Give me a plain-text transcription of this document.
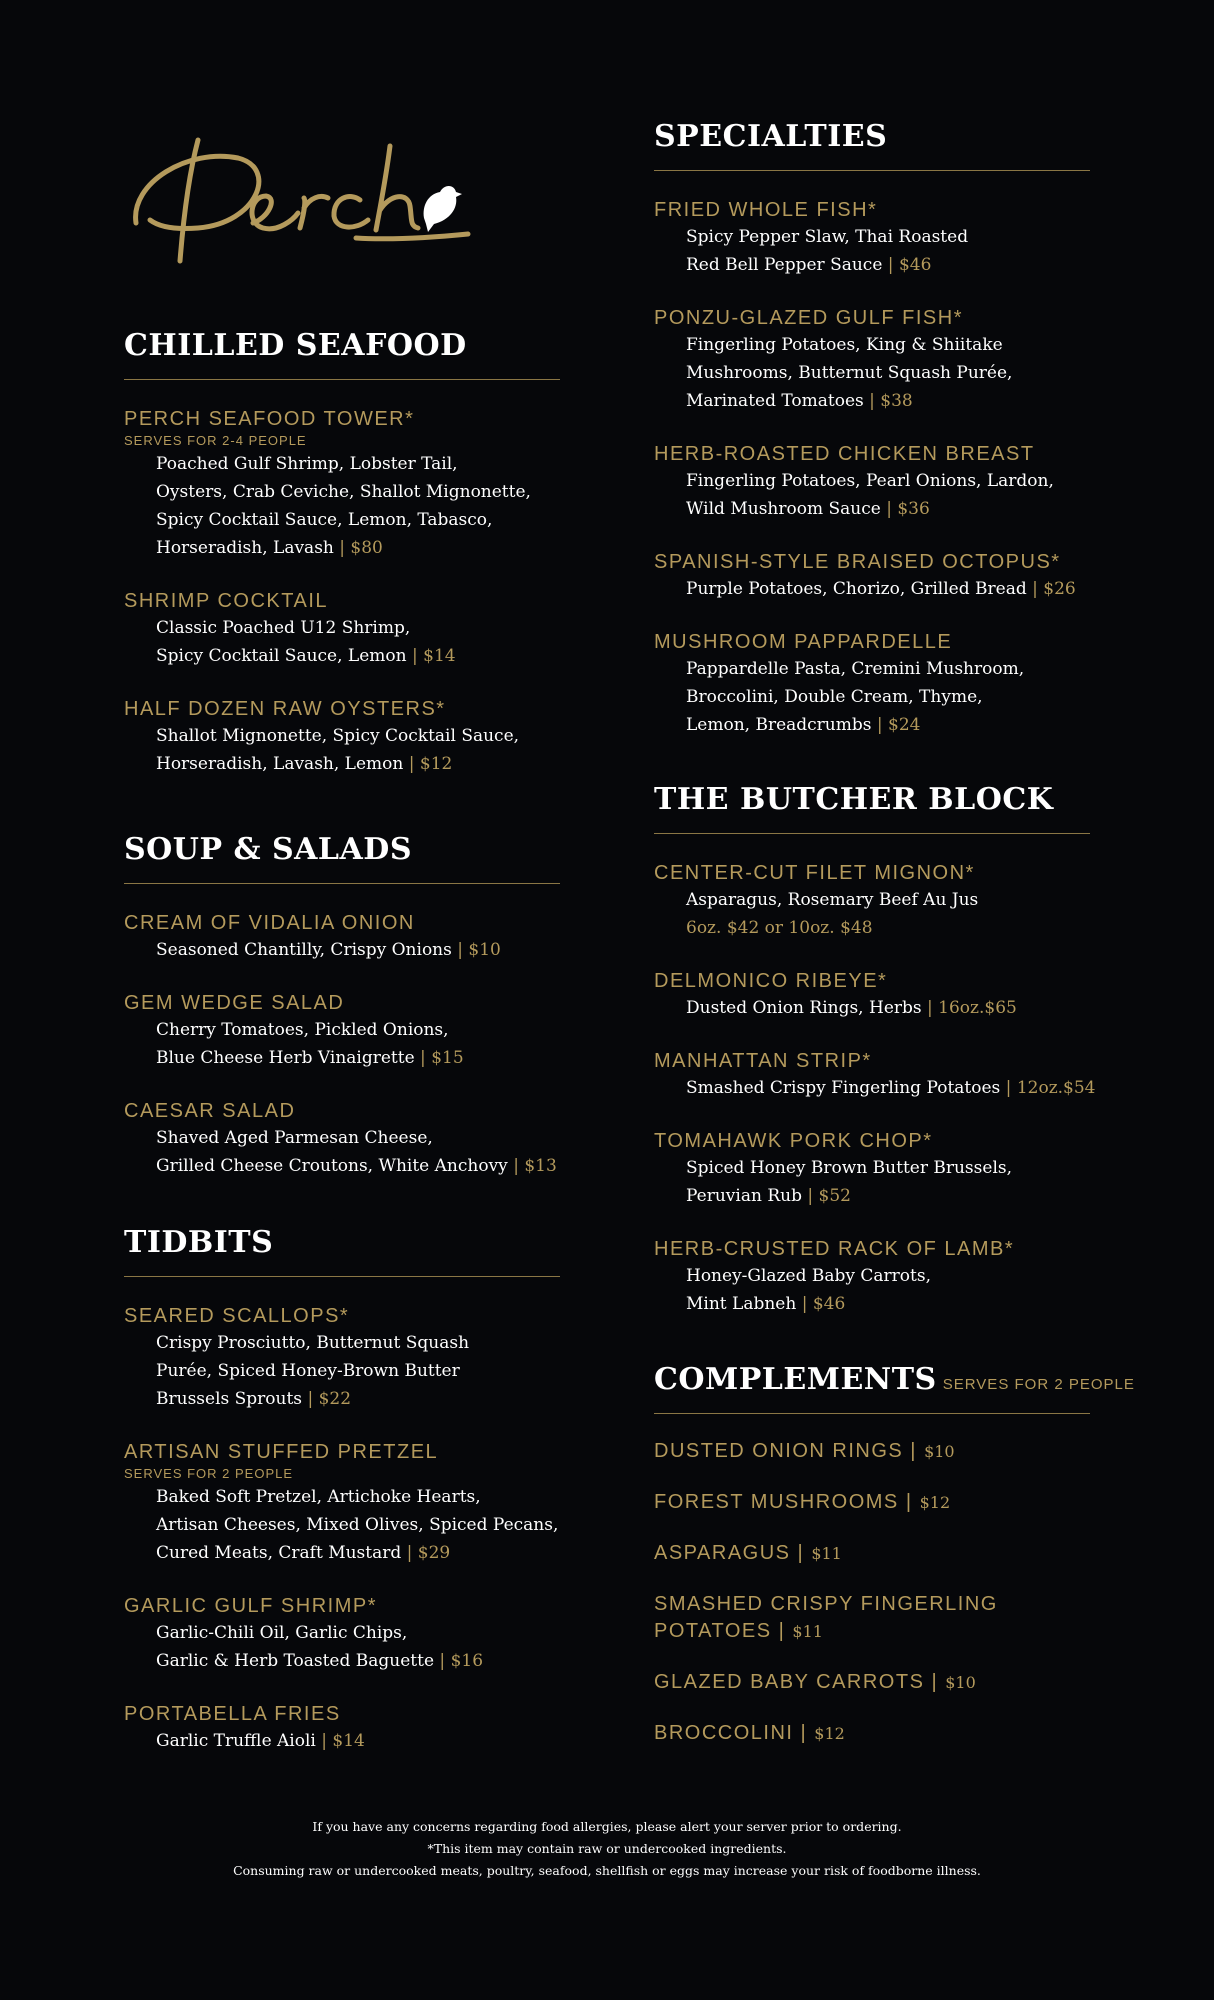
CHILLED SEAFOOD
PERCH SEAFOOD TOWER*
SERVES FOR 2-4 PEOPLE
Poached Gulf Shrimp, Lobster Tail,
Oysters, Crab Ceviche, Shallot Mignonette,
Spicy Cocktail Sauce, Lemon, Tabasco,
Horseradish, Lavash | $80
SHRIMP COCKTAIL
Classic Poached U12 Shrimp,
Spicy Cocktail Sauce, Lemon | $14
HALF DOZEN RAW OYSTERS*
Shallot Mignonette, Spicy Cocktail Sauce,
Horseradish, Lavash, Lemon | $12
SOUP & SALADS
CREAM OF VIDALIA ONION
Seasoned Chantilly, Crispy Onions | $10
GEM WEDGE SALAD
Cherry Tomatoes, Pickled Onions,
Blue Cheese Herb Vinaigrette | $15
CAESAR SALAD
Shaved Aged Parmesan Cheese,
Grilled Cheese Croutons, White Anchovy | $13
TIDBITS
SEARED SCALLOPS*
Crispy Prosciutto, Butternut Squash
Purée, Spiced Honey-Brown Butter
Brussels Sprouts | $22
ARTISAN STUFFED PRETZEL
SERVES FOR 2 PEOPLE
Baked Soft Pretzel, Artichoke Hearts,
Artisan Cheeses, Mixed Olives, Spiced Pecans,
Cured Meats, Craft Mustard | $29
GARLIC GULF SHRIMP*
Garlic-Chili Oil, Garlic Chips,
Garlic & Herb Toasted Baguette | $16
PORTABELLA FRIES
Garlic Truffle Aioli | $14
SPECIALTIES
FRIED WHOLE FISH*
Spicy Pepper Slaw, Thai Roasted
Red Bell Pepper Sauce | $46
PONZU-GLAZED GULF FISH*
Fingerling Potatoes, King & Shiitake
Mushrooms, Butternut Squash Purée,
Marinated Tomatoes | $38
HERB-ROASTED CHICKEN BREAST
Fingerling Potatoes, Pearl Onions, Lardon,
Wild Mushroom Sauce | $36
SPANISH-STYLE BRAISED OCTOPUS*
Purple Potatoes, Chorizo, Grilled Bread | $26
MUSHROOM PAPPARDELLE
Pappardelle Pasta, Cremini Mushroom,
Broccolini, Double Cream, Thyme,
Lemon, Breadcrumbs | $24
THE BUTCHER BLOCK
CENTER-CUT FILET MIGNON*
Asparagus, Rosemary Beef Au Jus
6oz. $42 or 10oz. $48
DELMONICO RIBEYE*
Dusted Onion Rings, Herbs | 16oz.$65
MANHATTAN STRIP*
Smashed Crispy Fingerling Potatoes | 12oz.$54
TOMAHAWK PORK CHOP*
Spiced Honey Brown Butter Brussels,
Peruvian Rub | $52
HERB-CRUSTED RACK OF LAMB*
Honey-Glazed Baby Carrots,
Mint Labneh | $46
COMPLEMENTS SERVES FOR 2 PEOPLE
DUSTED ONION RINGS | $10
FOREST MUSHROOMS | $12
ASPARAGUS | $11
SMASHED CRISPY FINGERLING
POTATOES | $11
GLAZED BABY CARROTS | $10
BROCCOLINI | $12
If you have any concerns regarding food allergies, please alert your server prior to ordering.
*This item may contain raw or undercooked ingredients.
Consuming raw or undercooked meats, poultry, seafood, shellfish or eggs may increase your risk of foodborne illness.
